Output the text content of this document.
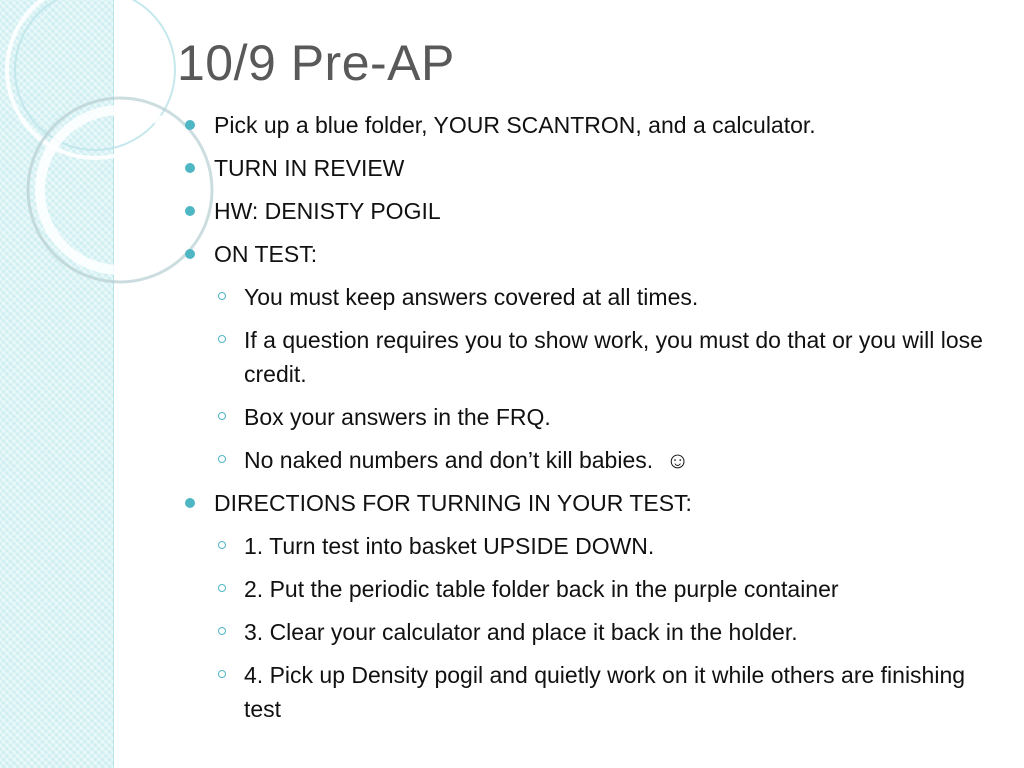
10/9 Pre-AP
Pick up a blue folder, YOUR SCANTRON, and a calculator.
TURN IN REVIEW
HW: DENISTY POGIL
ON TEST:
You must keep answers covered at all times.
If a question requires you to show work, you must do that or you will lose credit.
Box your answers in the FRQ.
No naked numbers and don’t kill babies.  ☺
DIRECTIONS FOR TURNING IN YOUR TEST:
1. Turn test into basket UPSIDE DOWN.
2. Put the periodic table folder back in the purple container
3. Clear your calculator and place it back in the holder.
4. Pick up Density pogil and quietly work on it while others are finishing test
